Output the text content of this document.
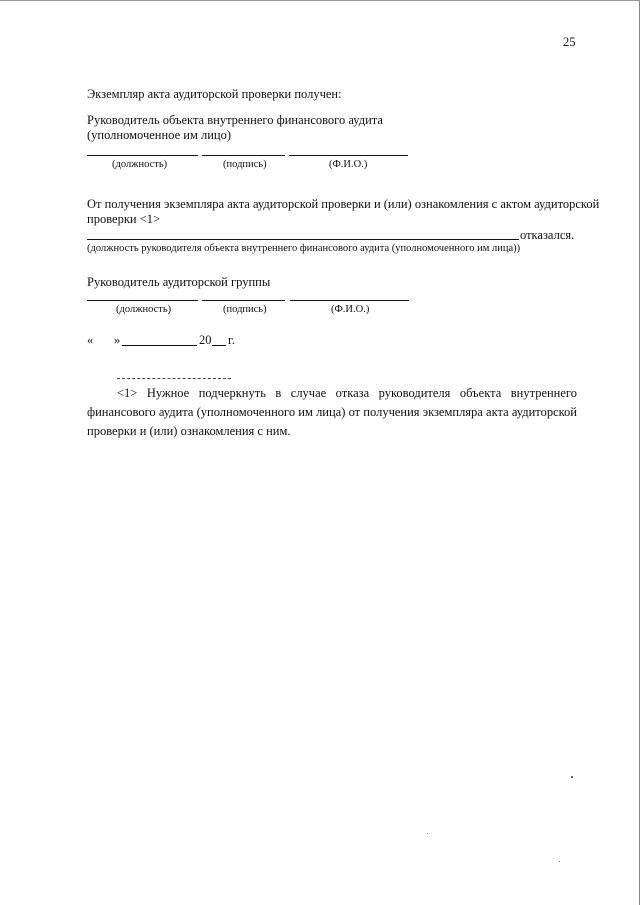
25
Экземпляр акта аудиторской проверки получен:
Руководитель объекта внутреннего финансового аудита
(уполномоченное им лицо)
(должность)	(подпись)	(Ф.И.О.)
От получения экземпляра акта аудиторской проверки и (или) ознакомления с актом аудиторской
проверки <1>
отказался.
(должность руководителя объекта внутреннего финансового аудита (уполномоченного им лица))
Руководитель аудиторской группы
(должность)	(подпись)	(Ф.И.О.)
« »	20 г.
<1> Нужное подчеркнуть в случае отказа руководителя объекта внутреннего финансового аудита (уполномоченного им лица) от получения экземпляра акта аудиторской проверки и (или) ознакомления с ним.
